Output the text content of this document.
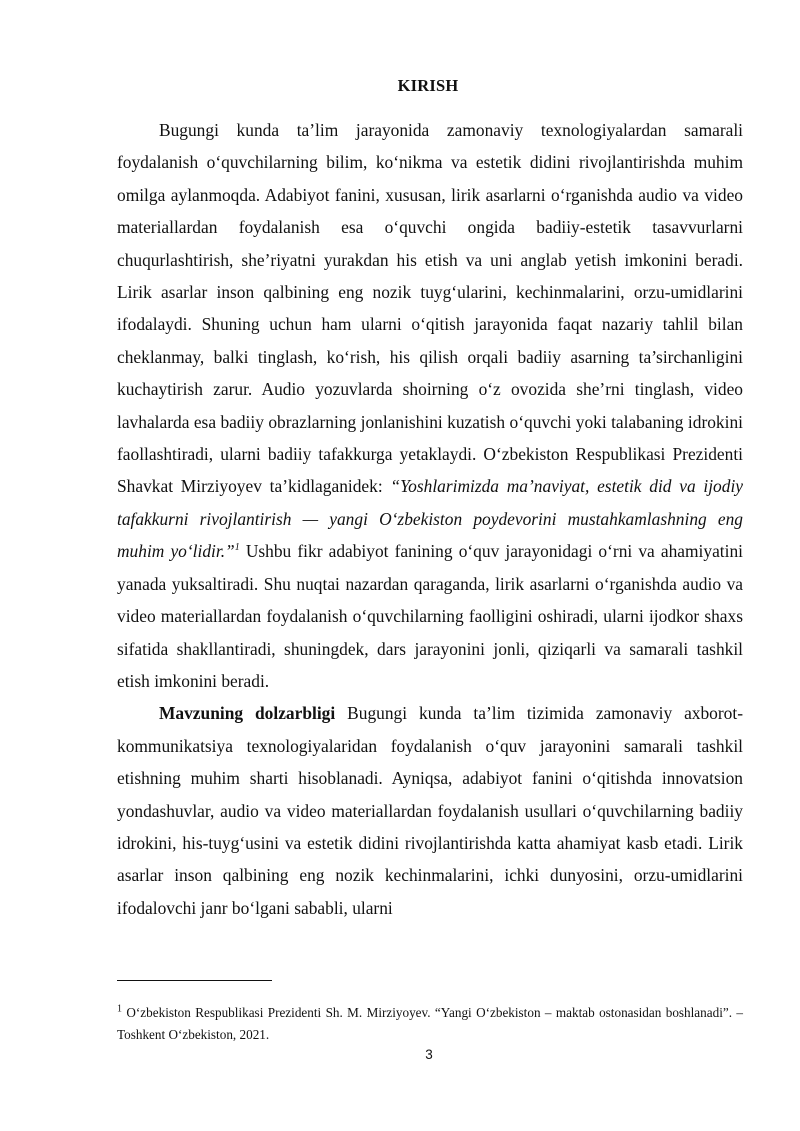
KIRISH

Bugungi kunda ta’lim jarayonida zamonaviy texnologiyalardan samarali foydalanish o‘quvchilarning bilim, ko‘nikma va estetik didini rivojlantirishda muhim omilga aylanmoqda. Adabiyot fanini, xususan, lirik asarlarni o‘rganishda audio va video materiallardan foydalanish esa o‘quvchi ongida badiiy-estetik tasavvurlarni chuqurlashtirish, she’riyatni yurakdan his etish va uni anglab yetish imkonini beradi. Lirik asarlar inson qalbining eng nozik tuyg‘ularini, kechinmalarini, orzu-umidlarini ifodalaydi. Shuning uchun ham ularni o‘qitish jarayonida faqat nazariy tahlil bilan cheklanmay, balki tinglash, ko‘rish, his qilish orqali badiiy asarning ta’sirchanligini kuchaytirish zarur. Audio yozuvlarda shoirning o‘z ovozida she’rni tinglash, video lavhalarda esa badiiy obrazlarning jonlanishini kuzatish o‘quvchi yoki talabaning idrokini faollashtiradi, ularni badiiy tafakkurga yetaklaydi. O‘zbekiston Respublikasi Prezidenti Shavkat Mirziyoyev ta’kidlaganidek: “Yoshlarimizda ma’naviyat, estetik did va ijodiy tafakkurni rivojlantirish — yangi O‘zbekiston poydevorini mustahkamlashning eng muhim yo‘lidir.”$^1$ Ushbu fikr adabiyot fanining o‘quv jarayonidagi o‘rni va ahamiyatini yanada yuksaltiradi. Shu nuqtai nazardan qaraganda, lirik asarlarni o‘rganishda audio va video materiallardan foydalanish o‘quvchilarning faolligini oshiradi, ularni ijodkor shaxs sifatida shakllantiradi, shuningdek, dars jarayonini jonli, qiziqarli va samarali tashkil etish imkonini beradi.

Mavzuning dolzarbligi Bugungi kunda ta’lim tizimida zamonaviy axborot-kommunikatsiya texnologiyalaridan foydalanish o‘quv jarayonini samarali tashkil etishning muhim sharti hisoblanadi. Ayniqsa, adabiyot fanini o‘qitishda innovatsion yondashuvlar, audio va video materiallardan foydalanish usullari o‘quvchilarning badiiy idrokini, his-tuyg‘usini va estetik didini rivojlantirishda katta ahamiyat kasb etadi. Lirik asarlar inson qalbining eng nozik kechinmalarini, ichki dunyosini, orzu-umidlarini ifodalovchi janr bo‘lgani sababli, ularni

$^1$ O‘zbekiston Respublikasi Prezidenti Sh. M. Mirziyoyev. “Yangi O‘zbekiston – maktab ostonasidan boshlanadi”. – Toshkent O‘zbekiston, 2021.
3
